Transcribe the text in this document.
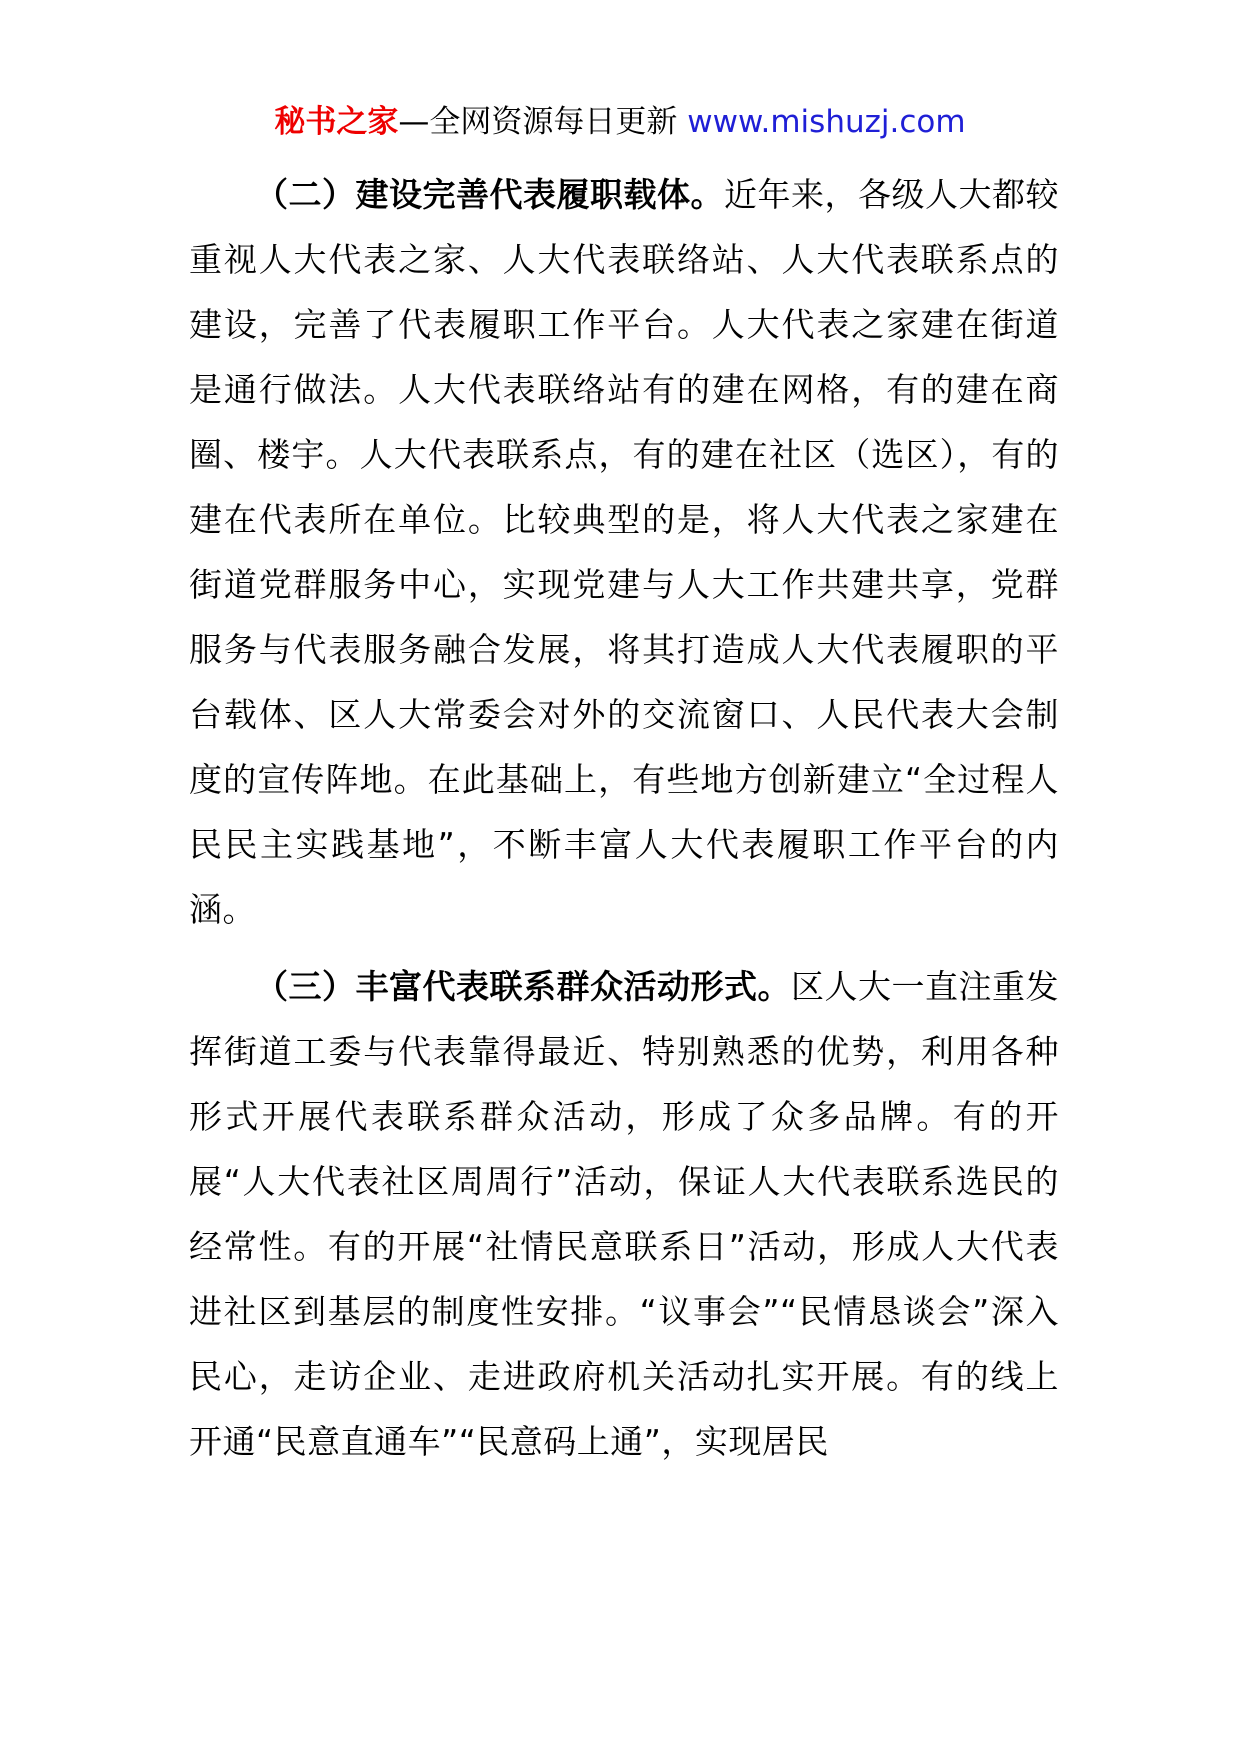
秘书之家—全网资源每日更新 www.mishuzj.com

（二）建设完善代表履职载体。近年来，各级人大都较重视人大代表之家、人大代表联络站、人大代表联系点的建设，完善了代表履职工作平台。人大代表之家建在街道是通行做法。人大代表联络站有的建在网格，有的建在商圈、楼宇。人大代表联系点，有的建在社区（选区），有的建在代表所在单位。比较典型的是，将人大代表之家建在街道党群服务中心，实现党建与人大工作共建共享，党群服务与代表服务融合发展，将其打造成人大代表履职的平台载体、区人大常委会对外的交流窗口、人民代表大会制度的宣传阵地。在此基础上，有些地方创新建立“全过程人民民主实践基地”，不断丰富人大代表履职工作平台的内涵。

（三）丰富代表联系群众活动形式。区人大一直注重发挥街道工委与代表靠得最近、特别熟悉的优势，利用各种形式开展代表联系群众活动，形成了众多品牌。有的开展“人大代表社区周周行”活动，保证人大代表联系选民的经常性。有的开展“社情民意联系日”活动，形成人大代表进社区到基层的制度性安排。“议事会”“民情恳谈会”深入民心，走访企业、走进政府机关活动扎实开展。有的线上开通“民意直通车”“民意码上通”，实现居民
